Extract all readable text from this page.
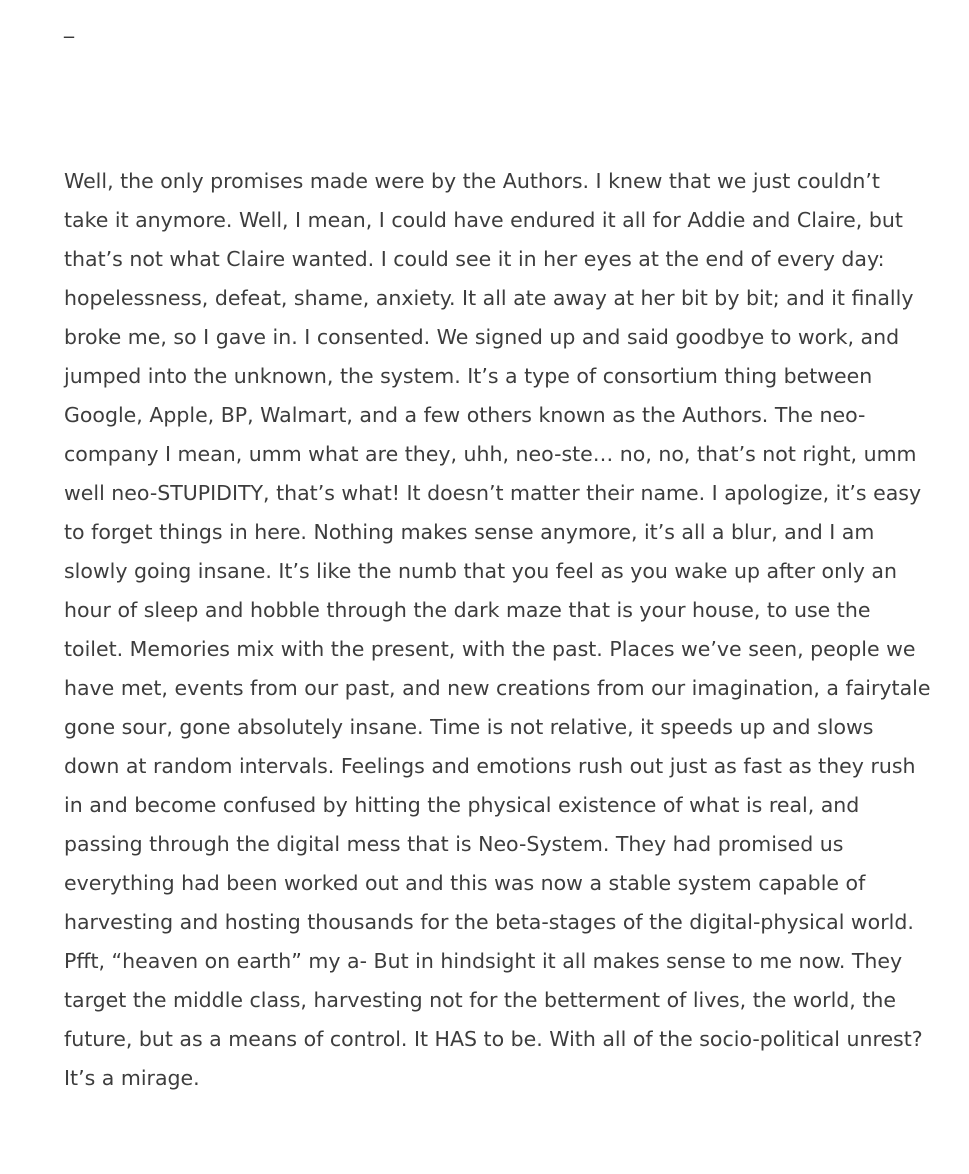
_

Well, the only promises made were by the Authors. I knew that we just couldn’t
take it anymore. Well, I mean, I could have endured it all for Addie and Claire, but
that’s not what Claire wanted. I could see it in her eyes at the end of every day:
hopelessness, defeat, shame, anxiety. It all ate away at her bit by bit; and it finally
broke me, so I gave in. I consented. We signed up and said goodbye to work, and
jumped into the unknown, the system. It’s a type of consortium thing between
Google, Apple, BP, Walmart, and a few others known as the Authors. The neo-
company I mean, umm what are they, uhh, neo-ste… no, no, that’s not right, umm
well neo-STUPIDITY, that’s what! It doesn’t matter their name. I apologize, it’s easy
to forget things in here. Nothing makes sense anymore, it’s all a blur, and I am
slowly going insane. It’s like the numb that you feel as you wake up after only an
hour of sleep and hobble through the dark maze that is your house, to use the
toilet. Memories mix with the present, with the past. Places we’ve seen, people we
have met, events from our past, and new creations from our imagination, a fairytale
gone sour, gone absolutely insane. Time is not relative, it speeds up and slows
down at random intervals. Feelings and emotions rush out just as fast as they rush
in and become confused by hitting the physical existence of what is real, and
passing through the digital mess that is Neo-System. They had promised us
everything had been worked out and this was now a stable system capable of
harvesting and hosting thousands for the beta-stages of the digital-physical world.
Pfft, “heaven on earth” my a- But in hindsight it all makes sense to me now. They
target the middle class, harvesting not for the betterment of lives, the world, the
future, but as a means of control. It HAS to be. With all of the socio-political unrest?
It’s a mirage.
